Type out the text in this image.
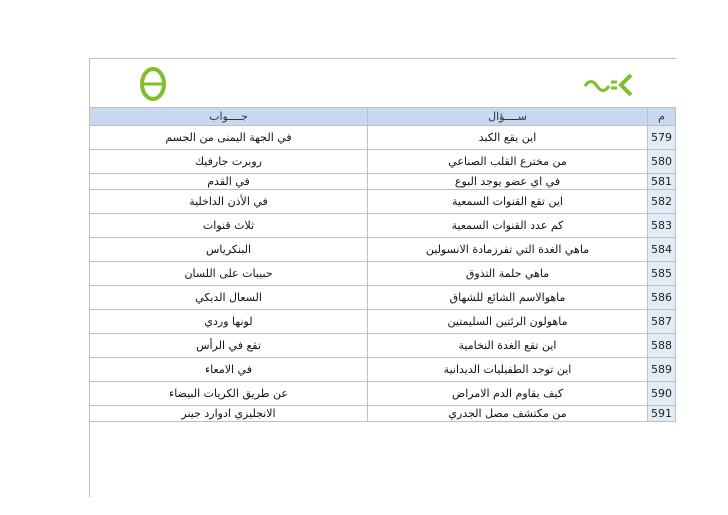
م	ســــؤال	جــــواب
579	اين يقع الكبد	في الجهة اليمنى من الجسم
580	من مخترع القلب الصناعي	روبرت جارفيك
581	في اي عضو يوجد البوع	في القدم
582	اين تقع القنوات السمعية	في الأذن الداخلية
583	كم عدد القنوات السمعية	ثلاث قنوات
584	ماهي الغدة التي تفرزمادة الانسولين	البنكرياس
585	ماهي حلمة التذوق	حبيبات على اللسان
586	ماهوالاسم الشائع للشهاق	السعال الديكي
587	ماهولون الرئتين السليمتين	لونها وردي
588	اين تقع الغدة النخامية	تقع في الرأس
589	اين توجد الطفيليات الديدانية	في الامعاء
590	كيف يقاوم الدم الامراض	عن طريق الكريات البيضاء
591	من مكتشف مصل الجدري	الانجليزي ادوارد جينر
